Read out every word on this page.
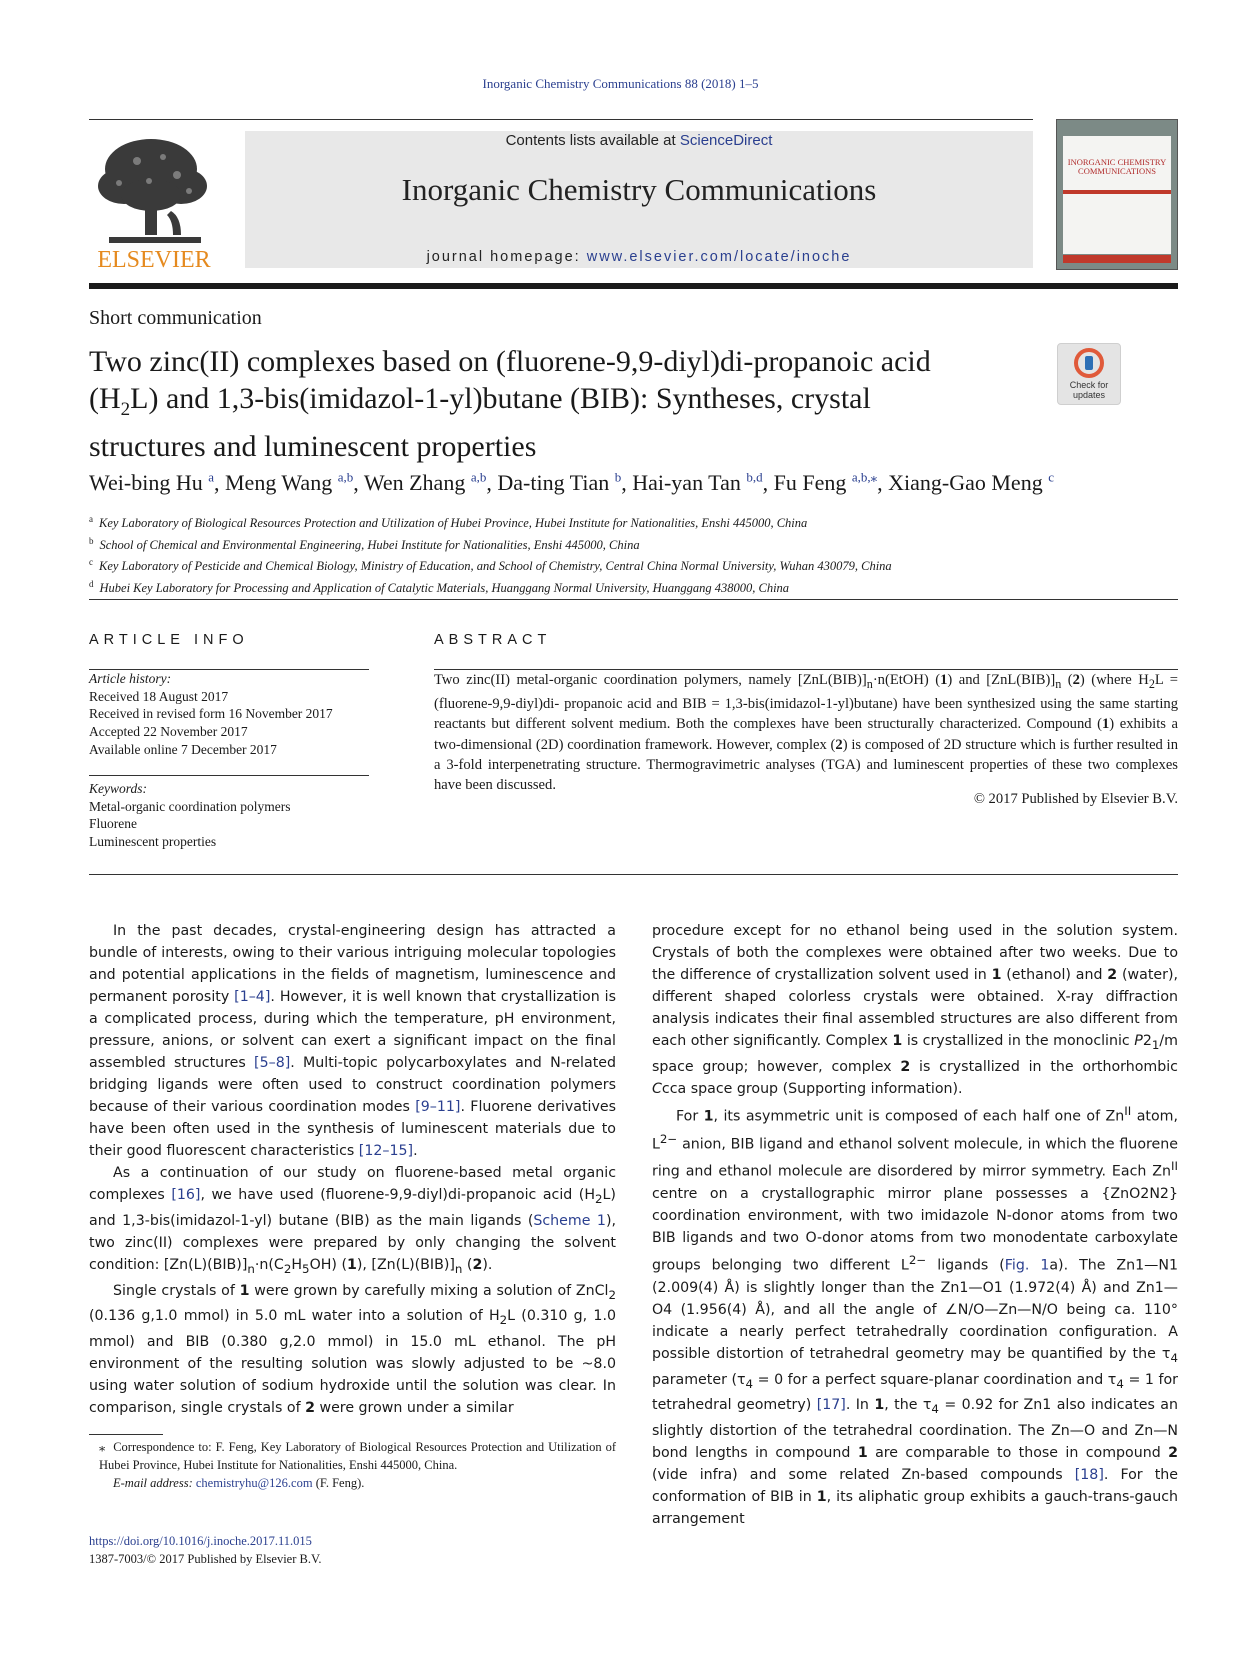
Inorganic Chemistry Communications 88 (2018) 1–5
ELSEVIER
Contents lists available at ScienceDirect
Inorganic Chemistry Communications
journal homepage: www.elsevier.com/locate/inoche
INORGANIC CHEMISTRY COMMUNICATIONS
Short communication
Two zinc(II) complexes based on (fluorene-9,9-diyl)di-propanoic acid
$(H_2L)$ and 1,3-bis(imidazol-1-yl)butane (BIB): Syntheses, crystal
structures and luminescent properties
Check for updates
Wei-bing Hu $^a$, Meng Wang $^{a,b}$, Wen Zhang $^{a,b}$, Da-ting Tian $^b$, Hai-yan Tan $^{b,d}$, Fu Feng $^{a,b,⁎}$, Xiang-Gao Meng $^c$
$^a$ Key Laboratory of Biological Resources Protection and Utilization of Hubei Province, Hubei Institute for Nationalities, Enshi 445000, China
$^b$ School of Chemical and Environmental Engineering, Hubei Institute for Nationalities, Enshi 445000, China
$^c$ Key Laboratory of Pesticide and Chemical Biology, Ministry of Education, and School of Chemistry, Central China Normal University, Wuhan 430079, China
$^d$ Hubei Key Laboratory for Processing and Application of Catalytic Materials, Huanggang Normal University, Huanggang 438000, China
ARTICLE INFO
Article history:
Received 18 August 2017
Received in revised form 16 November 2017
Accepted 22 November 2017
Available online 7 December 2017
Keywords:
Metal-organic coordination polymers
Fluorene
Luminescent properties
ABSTRACT
Two zinc(II) metal-organic coordination polymers, namely $[ZnL(BIB)]_n\cdot n(EtOH)$ (1) and $[ZnL(BIB)]_n$ (2) (where $H_2L$ = (fluorene-9,9-diyl)di- propanoic acid and BIB = 1,3-bis(imidazol-1-yl)butane) have been synthesized using the same starting reactants but different solvent medium. Both the complexes have been structurally characterized. Compound (1) exhibits a two-dimensional (2D) coordination framework. However, complex (2) is composed of 2D structure which is further resulted in a 3-fold interpenetrating structure. Thermogravimetric analyses (TGA) and luminescent properties of these two complexes have been discussed.
© 2017 Published by Elsevier B.V.

In the past decades, crystal-engineering design has attracted a bundle of interests, owing to their various intriguing molecular topologies and potential applications in the fields of magnetism, luminescence and permanent porosity [1–4]. However, it is well known that crystallization is a complicated process, during which the temperature, pH environment, pressure, anions, or solvent can exert a significant impact on the final assembled structures [5–8]. Multi-topic polycarboxylates and N-related bridging ligands were often used to construct coordination polymers because of their various coordination modes [9–11]. Fluorene derivatives have been often used in the synthesis of luminescent materials due to their good fluorescent characteristics [12–15].

As a continuation of our study on fluorene-based metal organic complexes [16], we have used (fluorene-9,9-diyl)di-propanoic acid $(H_2L)$ and 1,3-bis(imidazol-1-yl) butane (BIB) as the main ligands (Scheme 1), two zinc(II) complexes were prepared by only changing the solvent condition: $[Zn(L)(BIB)]_n\cdot n(C_2H_5OH)$ (1), $[Zn(L)(BIB)]_n$ (2).

Single crystals of 1 were grown by carefully mixing a solution of ZnCl$_2$ (0.136 g,1.0 mmol) in 5.0 mL water into a solution of $H_2L$ (0.310 g, 1.0 mmol) and BIB (0.380 g,2.0 mmol) in 15.0 mL ethanol. The pH environment of the resulting solution was slowly adjusted to be ~8.0 using water solution of sodium hydroxide until the solution was clear. In comparison, single crystals of 2 were grown under a similar

procedure except for no ethanol being used in the solution system. Crystals of both the complexes were obtained after two weeks. Due to the difference of crystallization solvent used in 1 (ethanol) and 2 (water), different shaped colorless crystals were obtained. X-ray diffraction analysis indicates their final assembled structures are also different from each other significantly. Complex 1 is crystallized in the monoclinic $P2_1/m$ space group; however, complex 2 is crystallized in the orthorhombic Ccca space group (Supporting information).

For 1, its asymmetric unit is composed of each half one of $Zn^{II}$ atom, $L^{2-}$ anion, BIB ligand and ethanol solvent molecule, in which the fluorene ring and ethanol molecule are disordered by mirror symmetry. Each $Zn^{II}$ centre on a crystallographic mirror plane possesses a {ZnO2N2} coordination environment, with two imidazole N-donor atoms from two BIB ligands and two O-donor atoms from two monodentate carboxylate groups belonging two different $L^{2-}$ ligands (Fig. 1a). The Zn1—N1 (2.009(4) Å) is slightly longer than the Zn1—O1 (1.972(4) Å) and Zn1—O4 (1.956(4) Å), and all the angle of ∠N/O—Zn—N/O being ca. 110° indicate a nearly perfect tetrahedrally coordination configuration. A possible distortion of tetrahedral geometry may be quantified by the $\tau_4$ parameter ($\tau_4 = 0$ for a perfect square-planar coordination and $\tau_4 = 1$ for tetrahedral geometry) [17]. In 1, the $\tau_4 = 0.92$ for Zn1 also indicates an slightly distortion of the tetrahedral coordination. The Zn—O and Zn—N bond lengths in compound 1 are comparable to those in compound 2 (vide infra) and some related Zn-based compounds [18]. For the conformation of BIB in 1, its aliphatic group exhibits a gauch-trans-gauch arrangement

⁎ Correspondence to: F. Feng, Key Laboratory of Biological Resources Protection and Utilization of Hubei Province, Hubei Institute for Nationalities, Enshi 445000, China.
E-mail address: chemistryhu@126.com (F. Feng).
https://doi.org/10.1016/j.inoche.2017.11.015
1387-7003/© 2017 Published by Elsevier B.V.
